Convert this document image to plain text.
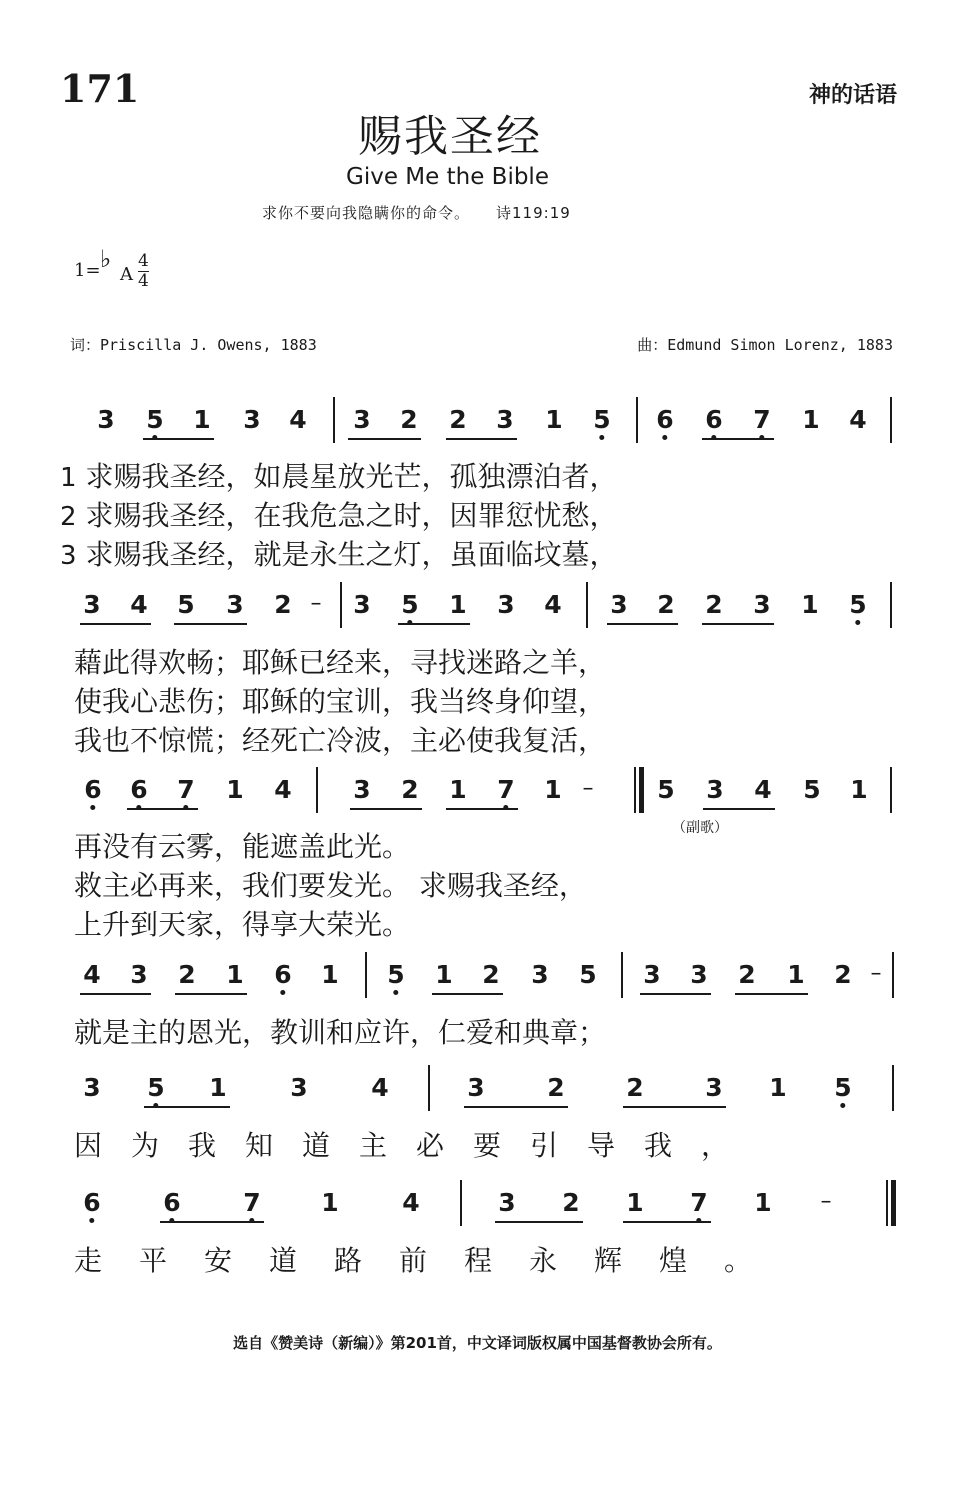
171	神的话语
赐我圣经
Give Me the Bible
求你不要向我隐瞒你的命令。 诗119:19
1= ♭
A
4
4
词：Priscilla J. Owens, 1883	曲：Edmund Simon Lorenz, 1883
3 5 1 3 4 3 2 2 3 1 5 6 6 7 1 4
3 4 5 3 2 – 3 5 1 3 4 3 2 2 3 1 5
6 6 7 1 4 3 2 1 7 1 –	5 3 4 5 1
4 3 2 1 6 1 5 1 2 3 5 3 3 2 1 2 –
3 5 1	3	4	3	2 2 3 1 5
6	6	7 1	4	3 2 1 7 1 –
1 求赐我圣经，如晨星放光芒，孤独漂泊者，
2 求赐我圣经，在我危急之时，因罪愆忧愁，
3 求赐我圣经，就是永生之灯，虽面临坟墓，
藉此得欢畅；耶稣已经来，寻找迷路之羊，
使我心悲伤；耶稣的宝训，我当终身仰望，
我也不惊慌；经死亡冷波，主必使我复活，
（副歌）
再没有云雾，能遮盖此光。
救主必再来，我们要发光。 求赐我圣经，
上升到天家，得享大荣光。
就是主的恩光，教训和应许，仁爱和典章；
因为我知道主必要引导我，
走平安道路前程永辉煌。
选自《赞美诗（新编）》第201首，中文译词版权属中国基督教协会所有。
